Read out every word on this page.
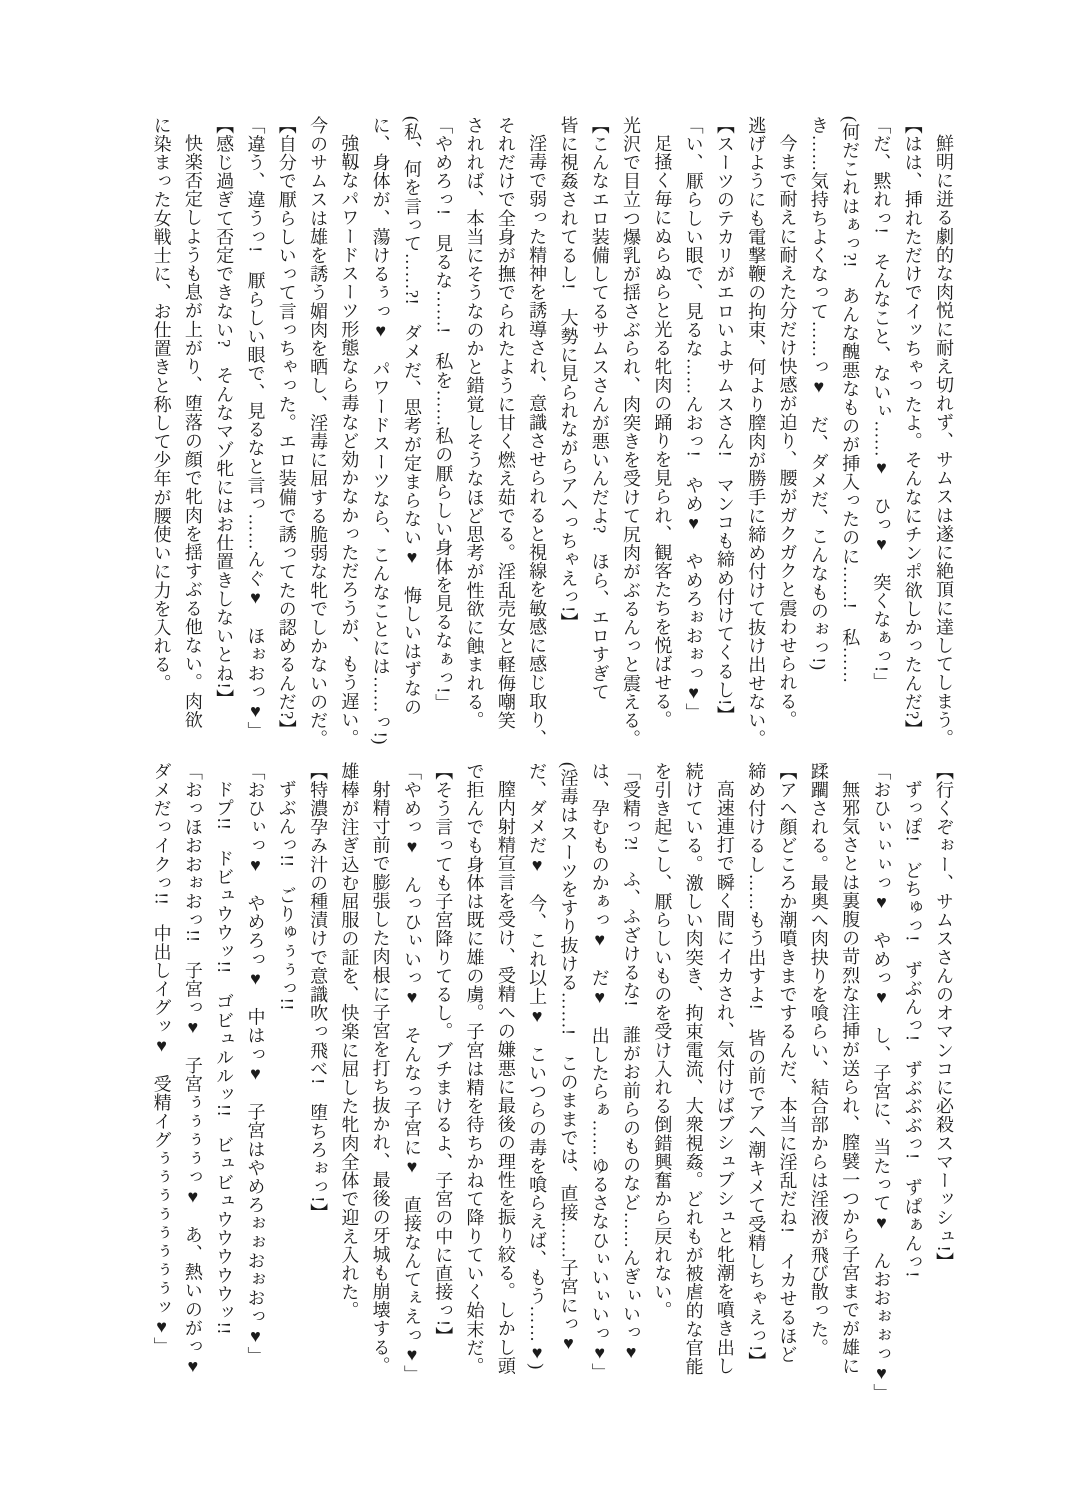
鮮明に迸る劇的な肉悦に耐え切れず、サムスは遂に絶頂に達してしまう。
【はは、挿れただけでイッちゃったよ。そんなにチンポ欲しかったんだ?】
「だ、黙れっ!　そんなこと、ないぃ……♥　ひっ♥　突くなぁっ!」
(何だこれはぁっ?!　あんな醜悪なものが挿入ったのに……!　私……
き……気持ちよくなって……っ♥　だ、ダメだ、こんなものぉっ!)
今まで耐えに耐えた分だけ快感が迫り、腰がガクガクと震わせられる。
逃げようにも電撃鞭の拘束、何より膣肉が勝手に締め付けて抜け出せない。
【スーツのテカリがエロいよサムスさん!　マンコも締め付けてくるし!】
「い、厭らしい眼で、見るな……んおっ!　やめ♥　やめろぉおぉっ♥」
足掻く毎にぬらぬらと光る牝肉の踊りを見られ、観客たちを悦ばせる。
光沢で目立つ爆乳が揺さぶられ、肉突きを受けて尻肉がぶるんっと震える。
【こんなエロ装備してるサムスさんが悪いんだよ?　ほら、エロすぎて
皆に視姦されてるし!　大勢に見られながらアヘっちゃえっ!】
淫毒で弱った精神を誘導され、意識させられると視線を敏感に感じ取り、
それだけで全身が撫でられたように甘く燃え茹でる。淫乱売女と軽侮嘲笑
されれば、本当にそうなのかと錯覚しそうなほど思考が性欲に蝕まれる。
「やめろっ!　見るな……!　私を……私の厭らしい身体を見るなぁっ!」
(私、何を言って……?!　ダメだ、思考が定まらない♥　悔しいはずなの
に、身体が、蕩けるぅっ♥　パワードスーツなら、こんなことには……っ!)
強靱なパワードスーツ形態なら毒など効かなかっただろうが、もう遅い。
今のサムスは雄を誘う媚肉を晒し、淫毒に屈する脆弱な牝でしかないのだ。
【自分で厭らしいって言っちゃった。エロ装備で誘ってたの認めるんだ?】
「違う、違うっ!　厭らしい眼で、見るなと言っ……んぐ♥　ほぉおっ♥」
【感じ過ぎて否定できない?　そんなマゾ牝にはお仕置きしないとね!】
快楽否定しようも息が上がり、堕落の顔で牝肉を揺すぶる他ない。肉欲
に染まった女戦士に、お仕置きと称して少年が腰使いに力を入れる。
【行くぞぉー、サムスさんのオマンコに必殺スマーッシュ!】
ずっぽ!　どちゅっ!　ずぶんっ!　ずぶぶぶっ!　ずぱぁんっ!
「おひぃぃぃっ♥　やめっ♥　し、子宮に、当たって♥　んおおぉぉっ♥」
無邪気さとは裏腹の苛烈な注挿が送られ、膣襞一つから子宮までが雄に
蹂躙される。最奥へ肉抉りを喰らい、結合部からは淫液が飛び散った。
【アヘ顔どころか潮噴きまでするんだ、本当に淫乱だね!　イカせるほど
締め付けるし……もう出すよ!　皆の前でアヘ潮キメて受精しちゃえっ!】
高速連打で瞬く間にイカされ、気付けばブシュブシュと牝潮を噴き出し
続けている。激しい肉突き、拘束電流、大衆視姦。どれもが被虐的な官能
を引き起こし、厭らしいものを受け入れる倒錯興奮から戻れない。
「受精っ?!　ふ、ふざけるな!　誰がお前らのものなど……んぎぃいっ♥
は、孕むものかぁっ♥　だ♥　出したらぁ……ゆるさなひぃいぃいっ♥」
(淫毒はスーツをすり抜ける……!　このままでは、直接……子宮にっ♥
だ、ダメだ♥　今、これ以上♥　こいつらの毒を喰らえば、もう……♥)
膣内射精宣言を受け、受精への嫌悪に最後の理性を振り絞る。しかし頭
で拒んでも身体は既に雄の虜。子宮は精を待ちかねて降りていく始末だ。
【そう言っても子宮降りてるし。ブチまけるよ、子宮の中に直接っ!】
「やめっ♥　んっひぃいっ♥　そんなっ子宮に♥　直接なんてぇえっ♥」
射精寸前で膨張した肉根に子宮を打ち抜かれ、最後の牙城も崩壊する。
雄棒が注ぎ込む屈服の証を、快楽に屈した牝肉全体で迎え入れた。
【特濃孕み汁の種漬けで意識吹っ飛べ!　堕ちろぉっ!】
ずぶんっ!!　ごりゅぅぅっ!!
「おひぃっ♥　やめろっ♥　中はっ♥　子宮はやめろぉぉおぉおっ♥」
ドプ!!　ドビュウウッ!!　ゴビュルルッ!!　ビュビュウウウウウッ!!
「おっほおおぉおっ!!　子宮っ♥　子宮ぅぅぅぅっ♥　あ、熱いのがっ♥
ダメだっイクっ!!　中出しイグッ♥　受精イグぅぅぅぅぅぅぅぅッ♥」
